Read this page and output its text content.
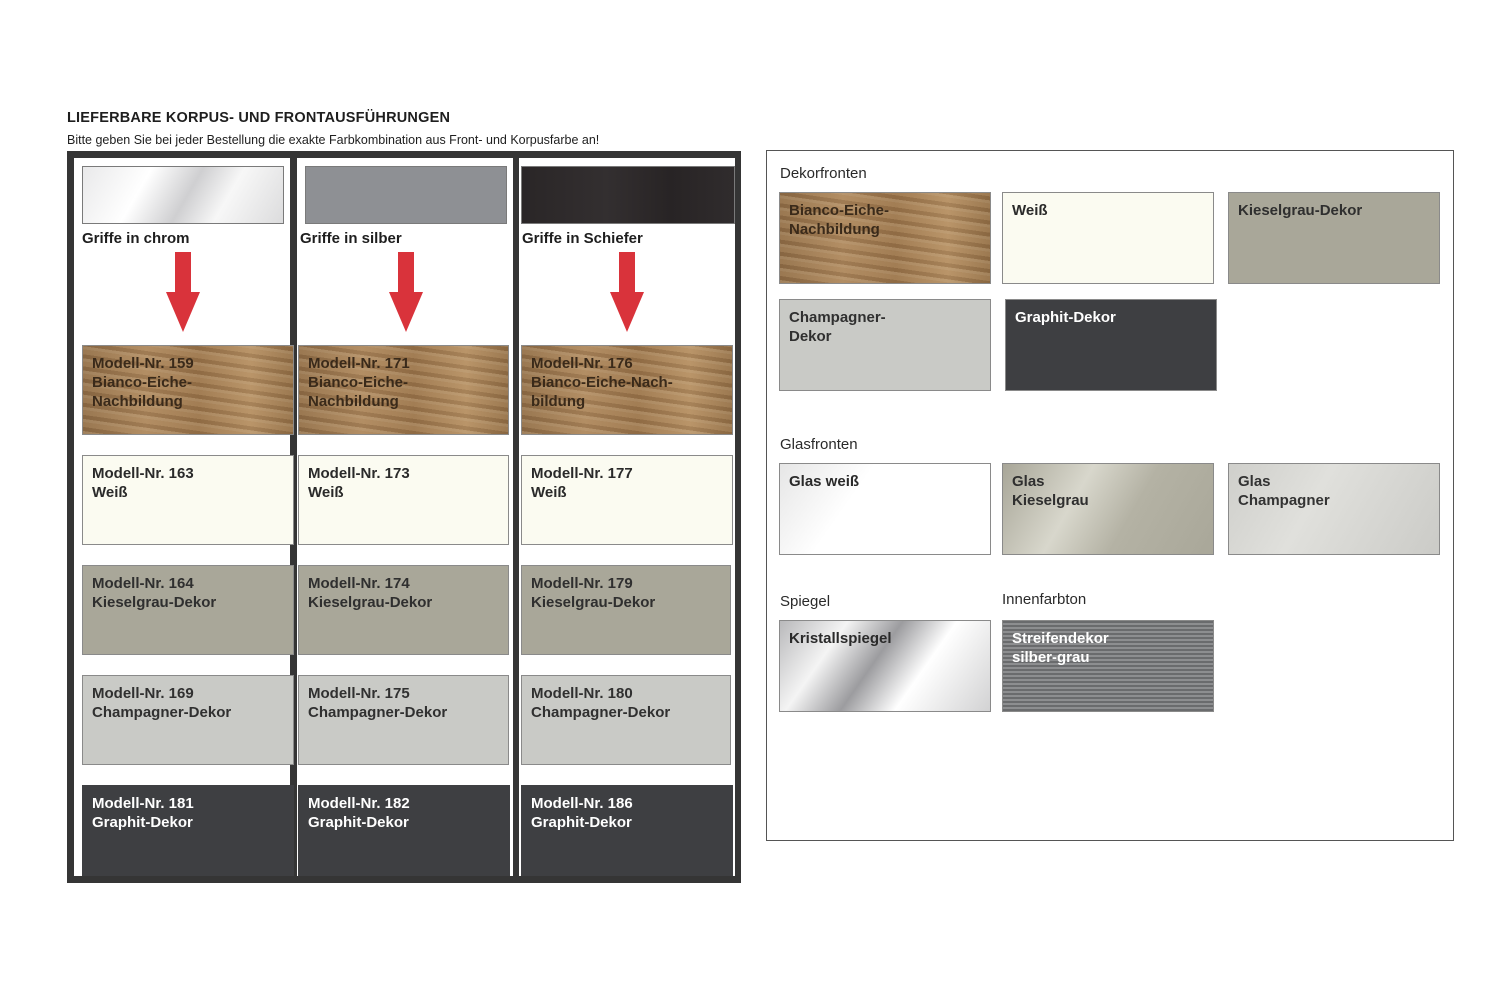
LIEFERBARE KORPUS- UND FRONTAUSFÜHRUNGEN
Bitte geben Sie bei jeder Bestellung die exakte Farbkombination aus Front- und Korpusfarbe an!
Griffe in chrom
Modell-Nr. 159
Bianco-Eiche-
Nachbildung
Modell-Nr. 163
Weiß
Modell-Nr. 164
Kieselgrau-Dekor
Modell-Nr. 169
Champagner-Dekor
Modell-Nr. 181
Graphit-Dekor
Griffe in silber
Modell-Nr. 171
Bianco-Eiche-
Nachbildung
Modell-Nr. 173
Weiß
Modell-Nr. 174
Kieselgrau-Dekor
Modell-Nr. 175
Champagner-Dekor
Modell-Nr. 182
Graphit-Dekor
Griffe in Schiefer
Modell-Nr. 176
Bianco-Eiche-Nach-
bildung
Modell-Nr. 177
Weiß
Modell-Nr. 179
Kieselgrau-Dekor
Modell-Nr. 180
Champagner-Dekor
Modell-Nr. 186
Graphit-Dekor
Dekorfronten
Bianco-Eiche-
Nachbildung
Weiß	Kieselgrau-Dekor
Champagner-
Dekor
Graphit-Dekor
Glasfronten
Glas weiß	Glas
Kieselgrau
Glas
Champagner
Spiegel	Innenfarbton
Kristallspiegel	Streifendekor
silber-grau
